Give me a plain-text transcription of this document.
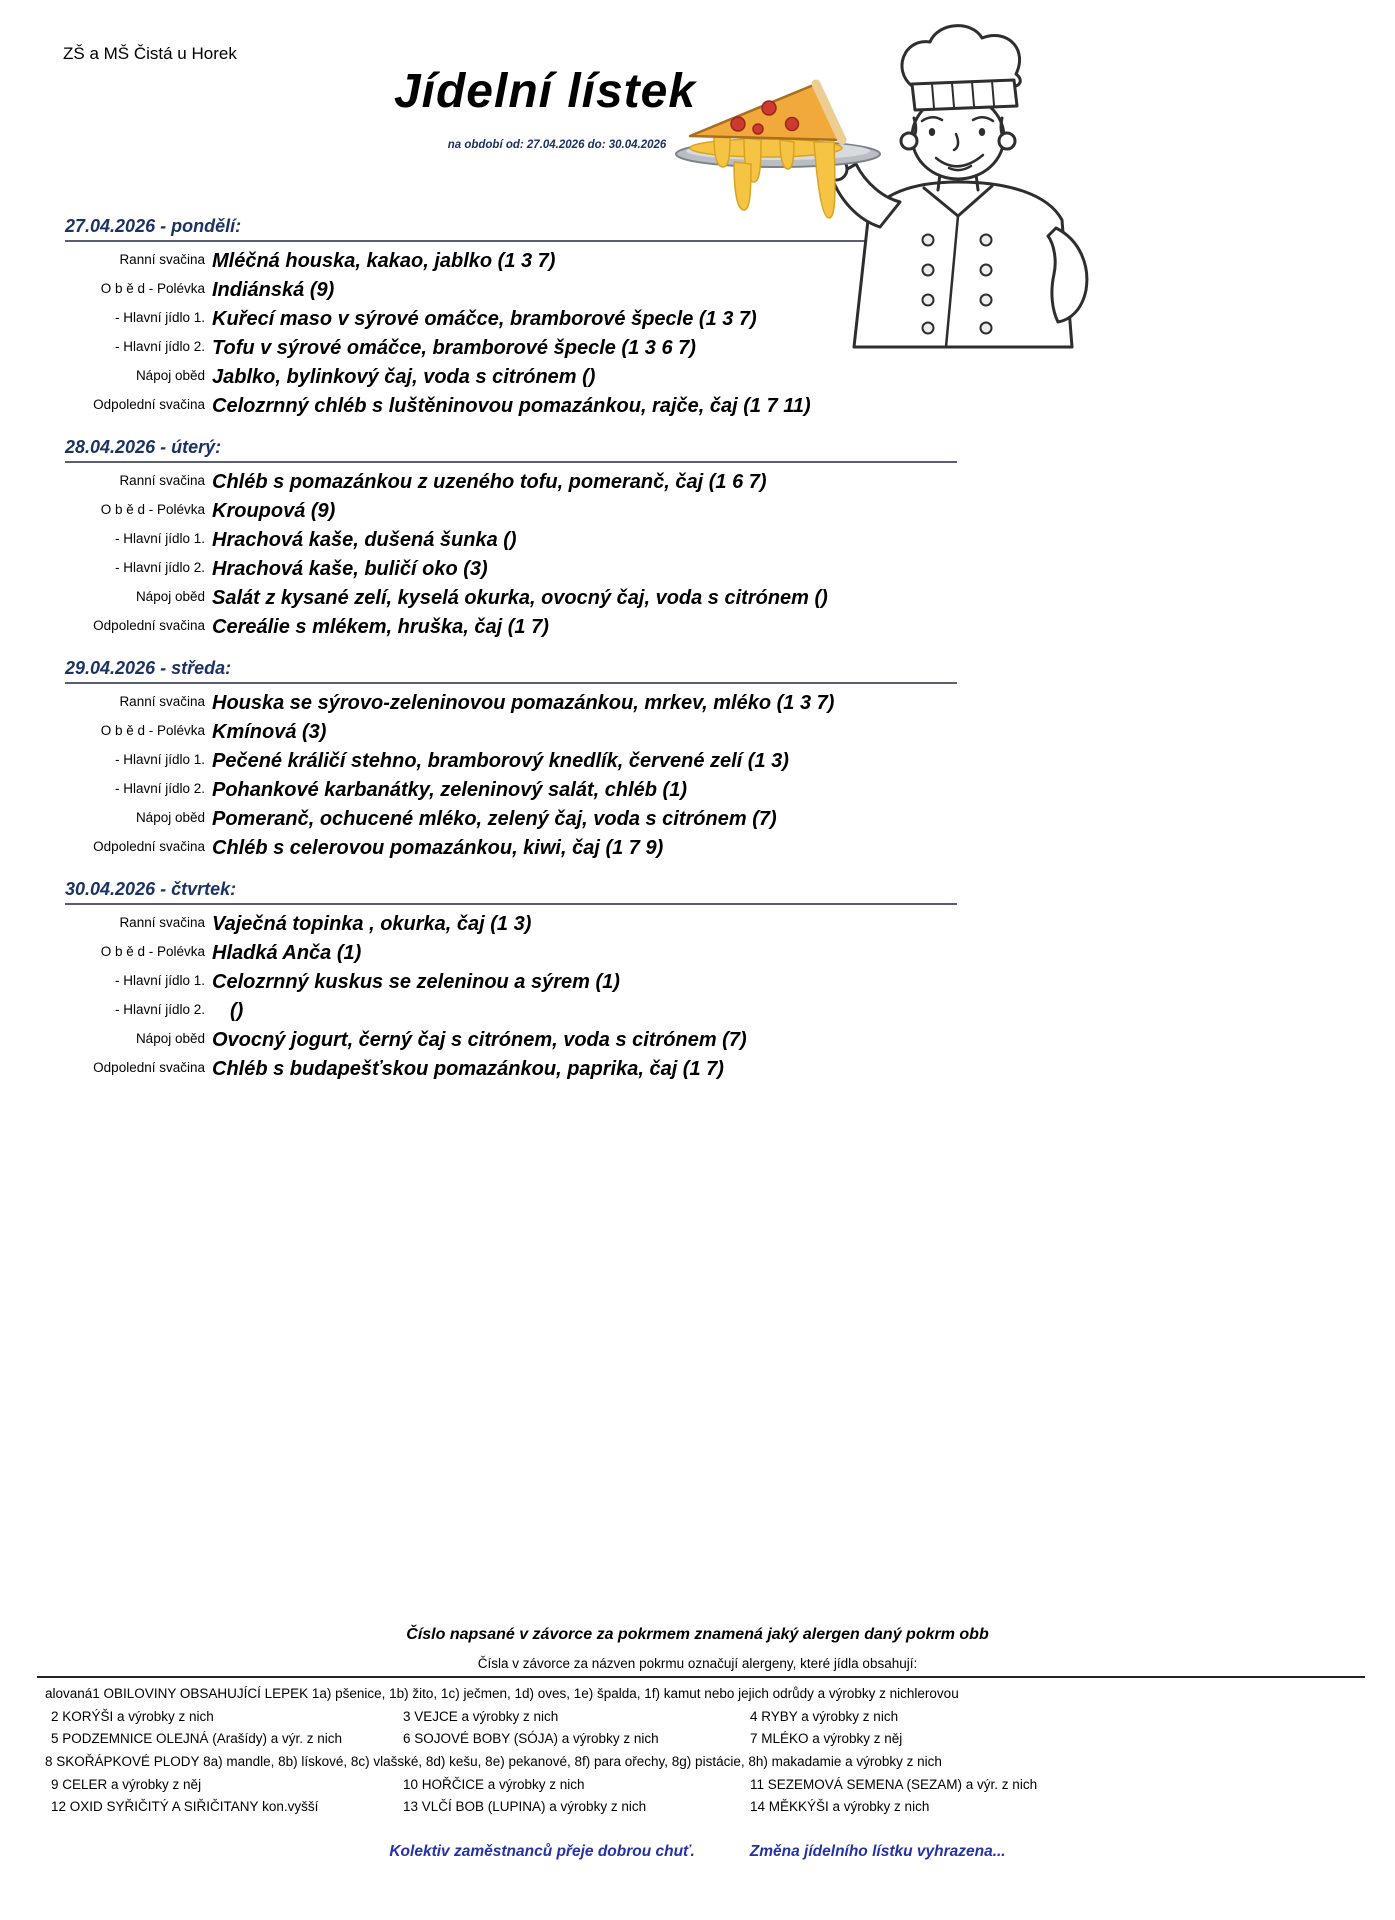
ZŠ a MŠ Čistá u Horek
Jídelní lístek
na období od: 27.04.2026 do: 30.04.2026
27.04.2026 - pondělí:
Ranní svačina Mléčná houska, kakao, jablko (1 3 7)
O b ě d - Polévka Indiánská (9)
- Hlavní jídlo 1. Kuřecí maso v sýrové omáčce, bramborové špecle (1 3 7)
- Hlavní jídlo 2. Tofu v sýrové omáčce, bramborové špecle (1 3 6 7)
Nápoj oběd Jablko, bylinkový čaj, voda s citrónem ()
Odpolední svačina Celozrnný chléb s luštěninovou pomazánkou, rajče, čaj (1 7 11)
28.04.2026 - úterý:
Ranní svačina Chléb s pomazánkou z uzeného tofu, pomeranč, čaj (1 6 7)
O b ě d - Polévka Kroupová (9)
- Hlavní jídlo 1. Hrachová kaše, dušená šunka ()
- Hlavní jídlo 2. Hrachová kaše, buličí oko (3)
Nápoj oběd Salát z kysané zelí, kyselá okurka, ovocný čaj, voda s citrónem ()
Odpolední svačina Cereálie s mlékem, hruška, čaj (1 7)
29.04.2026 - středa:
Ranní svačina Houska se sýrovo-zeleninovou pomazánkou, mrkev, mléko (1 3 7)
O b ě d - Polévka Kmínová (3)
- Hlavní jídlo 1. Pečené králičí stehno, bramborový knedlík, červené zelí (1 3)
- Hlavní jídlo 2. Pohankové karbanátky, zeleninový salát, chléb (1)
Nápoj oběd Pomeranč, ochucené mléko, zelený čaj, voda s citrónem (7)
Odpolední svačina Chléb s celerovou pomazánkou, kiwi, čaj (1 7 9)
30.04.2026 - čtvrtek:
Ranní svačina Vaječná topinka , okurka, čaj (1 3)
O b ě d - Polévka Hladká Anča (1)
- Hlavní jídlo 1. Celozrnný kuskus se zeleninou a sýrem (1)
- Hlavní jídlo 2.	()
Nápoj oběd Ovocný jogurt, černý čaj s citrónem, voda s citrónem (7)
Odpolední svačina Chléb s budapešťskou pomazánkou, paprika, čaj (1 7)
Číslo napsané v závorce za pokrmem znamená jaký alergen daný pokrm obb
Čísla v závorce za názven pokrmu označují alergeny, které jídla obsahují:
alovaná1 OBILOVINY OBSAHUJÍCÍ LEPEK 1a) pšenice, 1b) žito, 1c) ječmen, 1d) oves, 1e) špalda, 1f) kamut nebo jejich odrůdy a výrobky z nichlerovou
2 KORÝŠI a výrobky z nich	3 VEJCE a výrobky z nich	4 RYBY a výrobky z nich
5 PODZEMNICE OLEJNÁ (Arašídy) a výr. z nich	6 SOJOVÉ BOBY (SÓJA) a výrobky z nich	7 MLÉKO a výrobky z něj
8 SKOŘÁPKOVÉ PLODY 8a) mandle, 8b) lískové, 8c) vlašské, 8d) kešu, 8e) pekanové, 8f) para ořechy, 8g) pistácie, 8h) makadamie a výrobky z nich
9 CELER a výrobky z něj	10 HOŘČICE a výrobky z nich	11 SEZEMOVÁ SEMENA (SEZAM) a výr. z nich
12 OXID SYŘIČITÝ A SIŘIČITANY kon.vyšší	13 VLČÍ BOB (LUPINA) a výrobky z nich	14 MĚKKÝŠI a výrobky z nich
Kolektiv zaměstnanců přeje dobrou chuť.	Změna jídelního lístku vyhrazena...
